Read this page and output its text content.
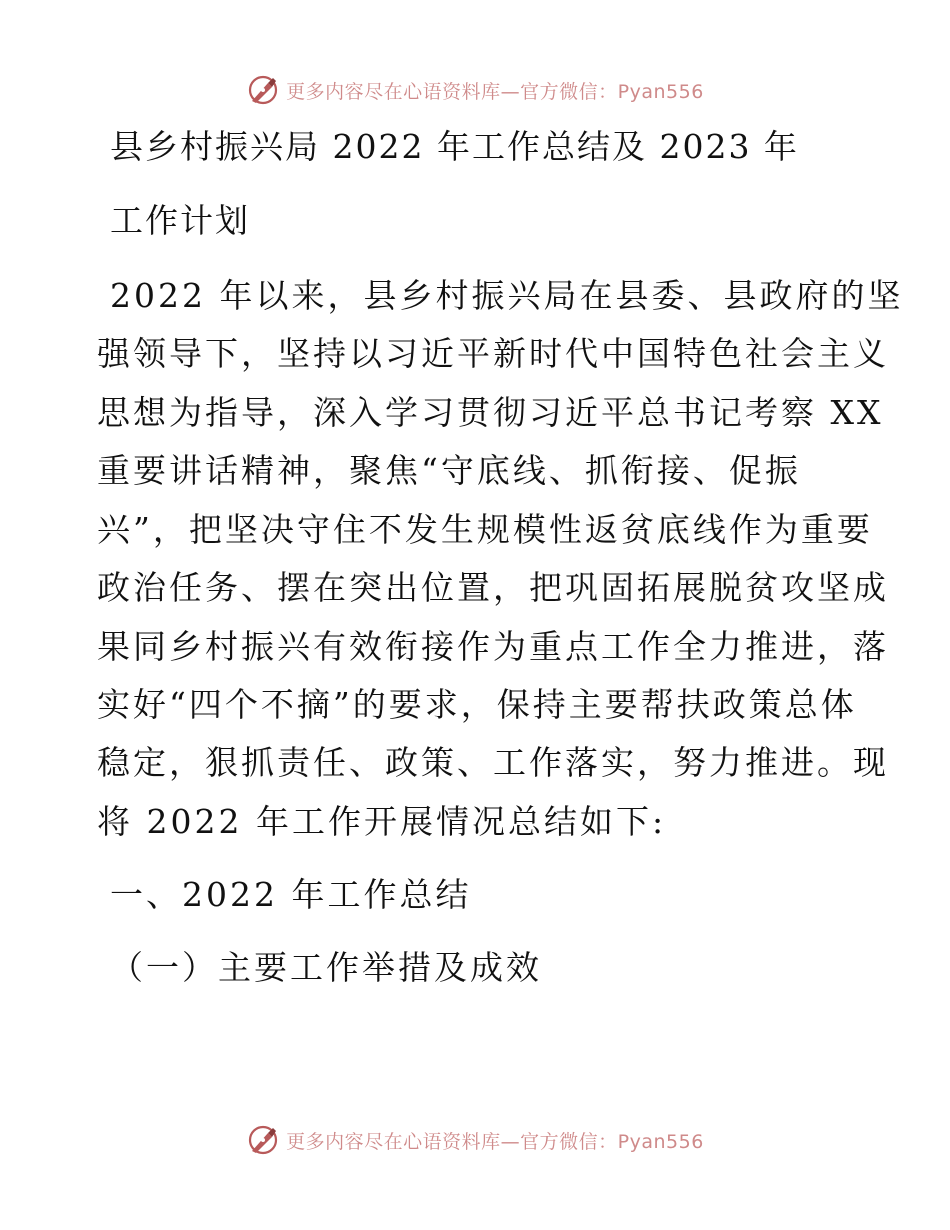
更多内容尽在心语资料库—官方微信：Pyan556
县乡村振兴局 2022 年工作总结及 2023 年
工作计划
2022 年以来，县乡村振兴局在县委、县政府的坚
强领导下，坚持以习近平新时代中国特色社会主义
思想为指导，深入学习贯彻习近平总书记考察 XX
重要讲话精神，聚焦“守底线、抓衔接、促振
兴”，把坚决守住不发生规模性返贫底线作为重要
政治任务、摆在突出位置，把巩固拓展脱贫攻坚成
果同乡村振兴有效衔接作为重点工作全力推进，落
实好“四个不摘”的要求，保持主要帮扶政策总体
稳定，狠抓责任、政策、工作落实，努力推进。现
将 2022 年工作开展情况总结如下:
一、2022 年工作总结
（一）主要工作举措及成效
更多内容尽在心语资料库—官方微信：Pyan556
